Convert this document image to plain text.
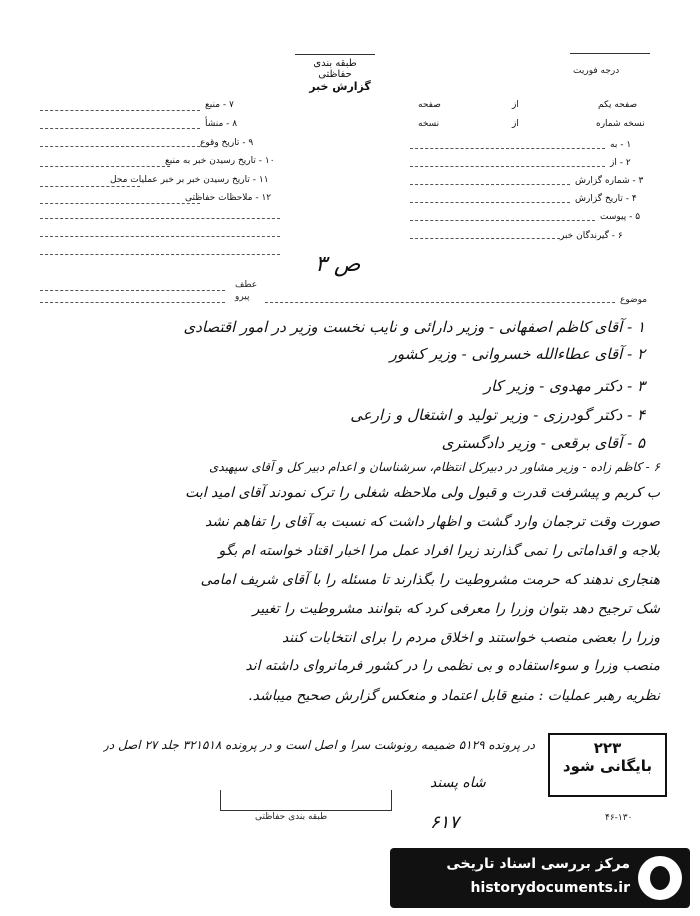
طبقه بندی حفاظتی
گزارش خبر
درجه فوریت
۷ - منبع
۸ - منشأ
۹ - تاریخ وقوع
۱۰ - تاریخ رسیدن خبر به منبع
۱۱ - تاریخ رسیدن خبر بر خبر عملیات محل
۱۲ - ملاحظات حفاظتی
صفحه	از	صفحه یکم
نسخه	از	نسخه شماره
۱ - به
۲ - از
۳ - شماره گزارش
۴ - تاریخ گزارش
۵ - پیوست
۶ - گیرندگان خبر
ص ۳
عطف
پیرو	موضوع
۱ - آقای کاظم اصفهانی - وزیر دارائی و نایب نخست وزیر در امور اقتصادی
۲ - آقای عطاءالله خسروانی - وزیر کشور
۳ - دکتر مهدوی - وزیر کار
۴ - دکتر گودرزی - وزیر تولید و اشتغال و زارعی
۵ - آقای برقعی - وزیر دادگستری
۶ - کاظم زاده - وزیر مشاور در دبیرکل انتظام، سرشناسان و اعدام دبیر کل و آقای سپهبدی
ب کریم و پیشرفت قدرت و قبول ولی ملاحظه شغلی را ترک نمودند آقای امید ابت
صورت وقت ترجمان وارد گشت و اظهار داشت که نسبت به آقای را تفاهم نشد
بلاجه و اقداماتی را نمی گذارند زیرا افراد عمل مرا اخبار اقتاد خواسته ام بگو
هنجاری ندهند که حرمت مشروطیت را بگذارند تا مسئله را با آقای شریف امامی
شک ترجیح دهد بتوان وزرا را معرفی کرد که بتوانند مشروطیت را تغییر
وزرا را بعضی منصب خواستند و اخلاق مردم را برای انتخابات کنند
منصب وزرا و سوءاستفاده و بی نظمی را در کشور فرمانروای داشته اند
نظریه رهبر عملیات : منبع قابل اعتماد و منعکس گزارش صحیح میباشد.
در پرونده ۵۱۲۹ ضمیمه رونوشت سرا و اصل است و در پرونده ۳۲۱۵۱۸ جلد ۲۷ اصل در
شاه پسند
۲۲۳
بایگانی شود
طبقه بندی حفاظتی	۶۱۷	۴۶-۱۳۰
مرکز بررسی اسناد تاریخی
historydocuments.ir
